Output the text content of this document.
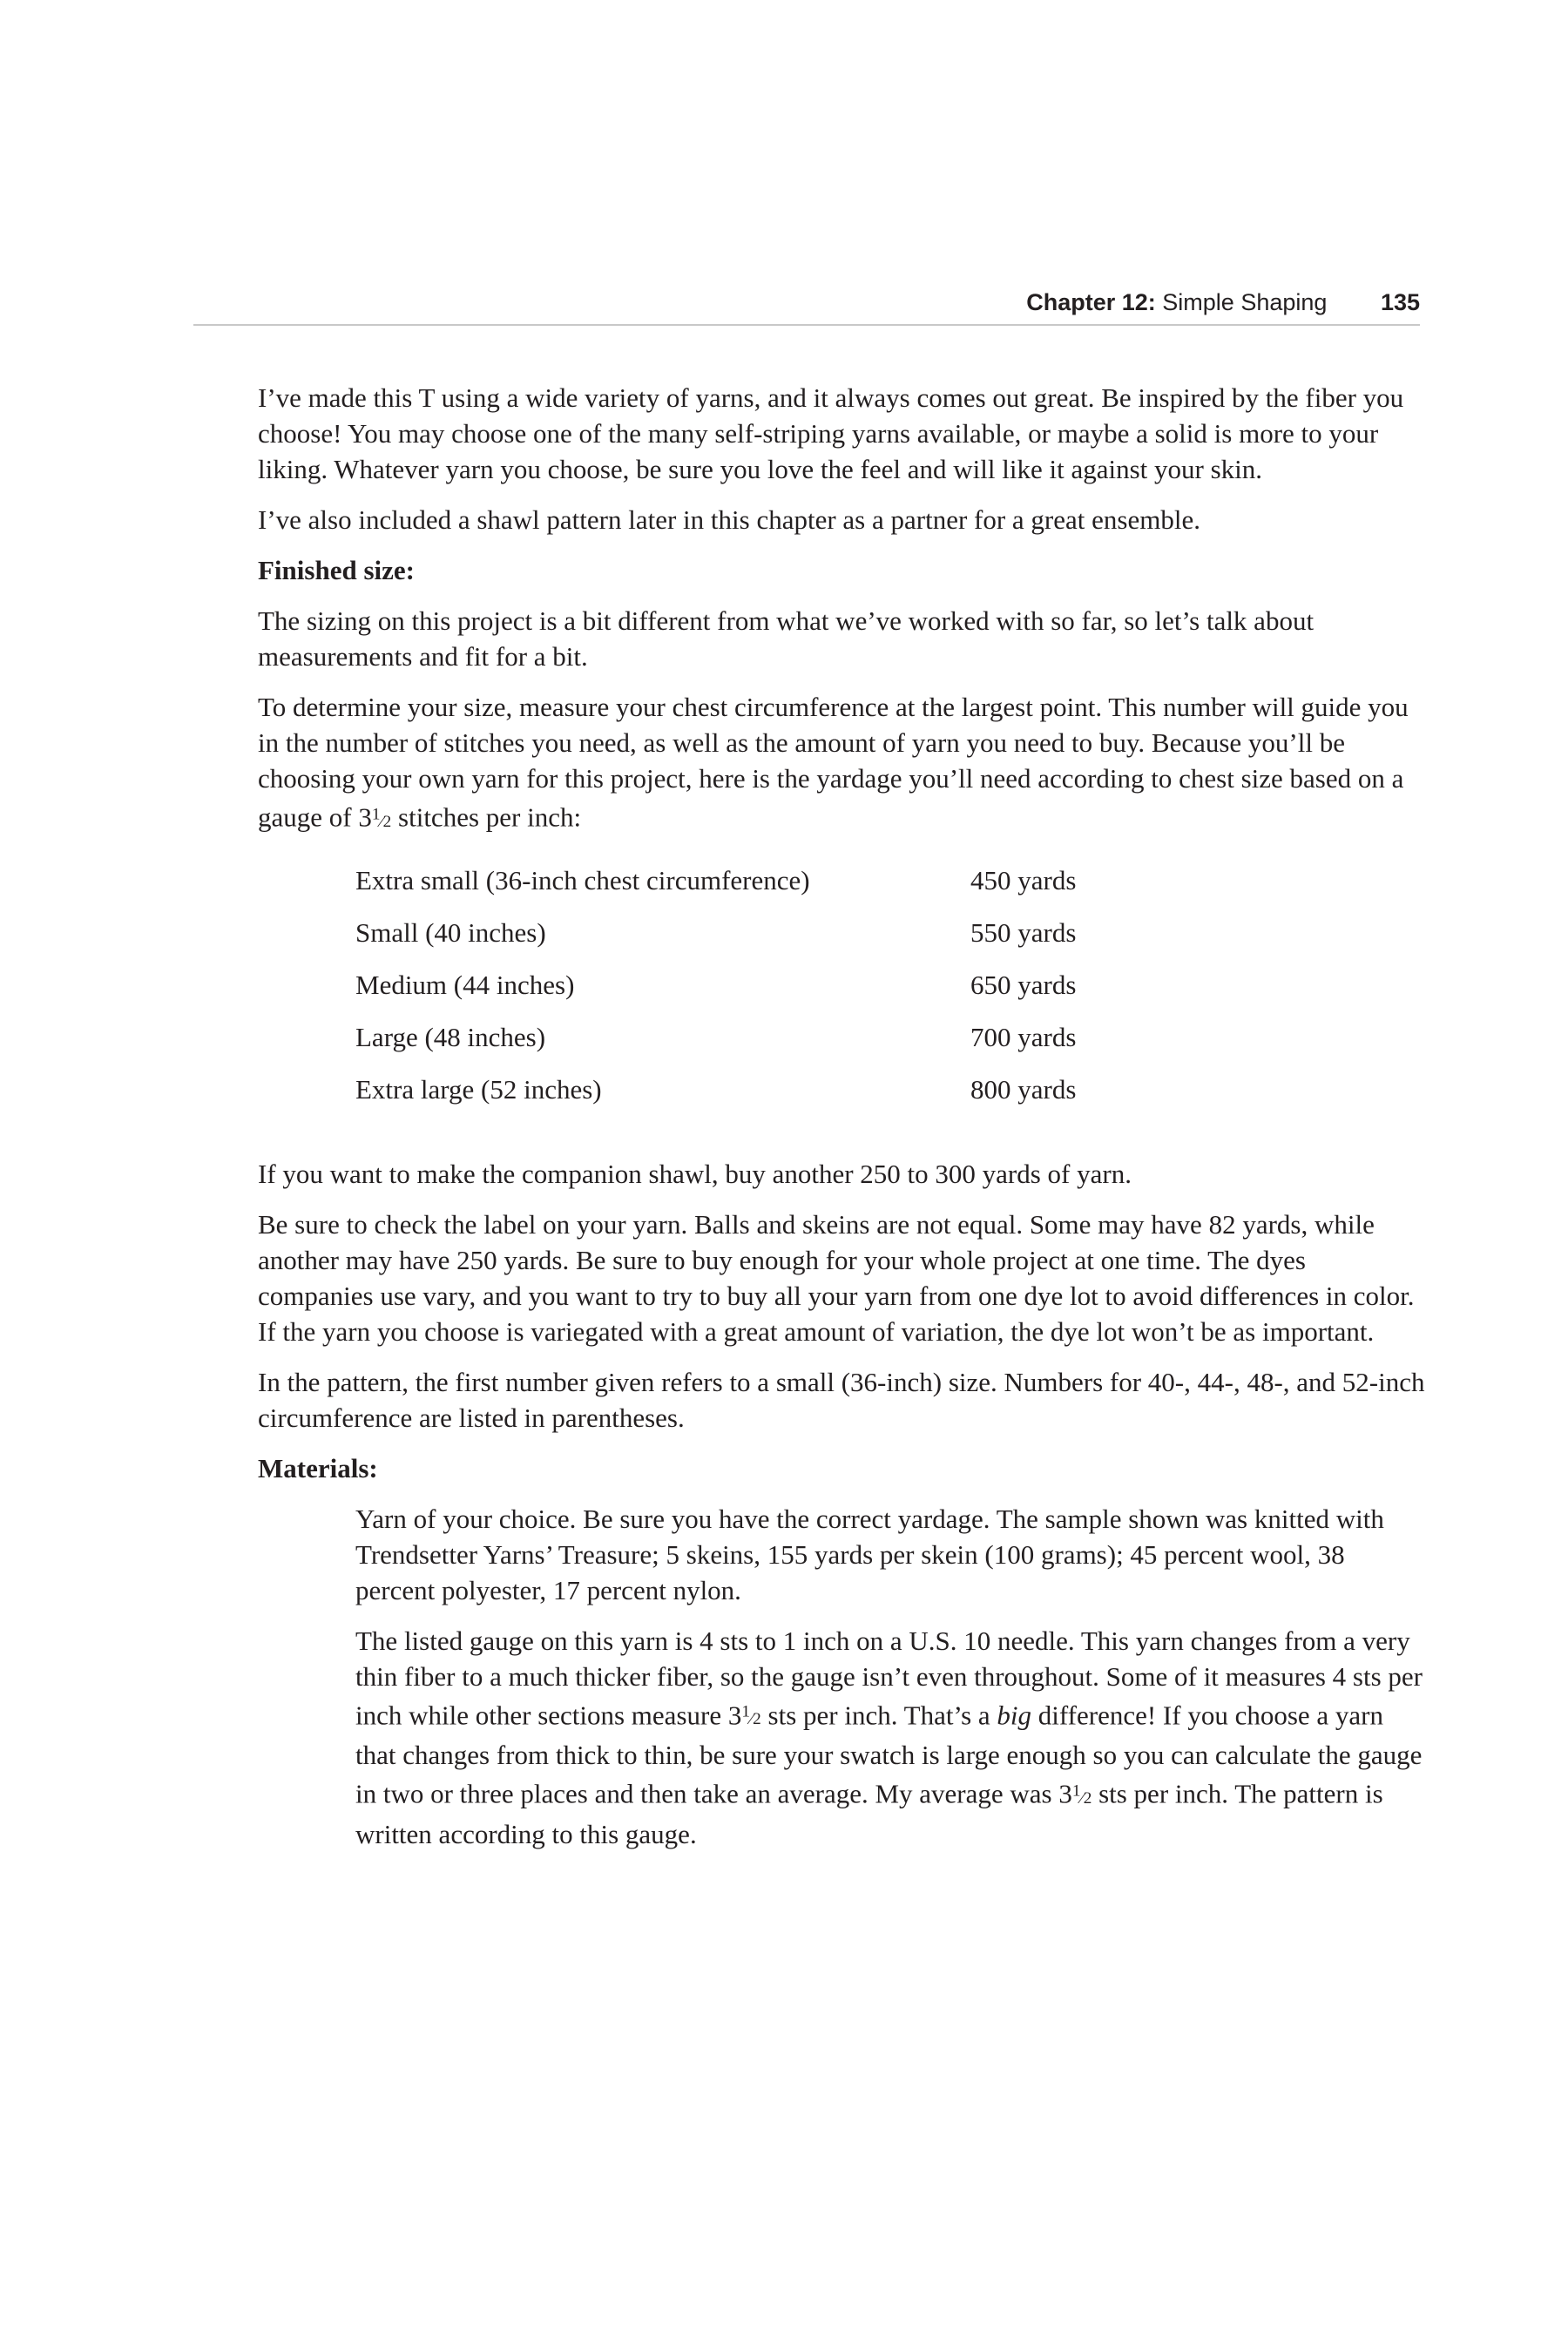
Chapter 12: Simple Shaping 135

I’ve made this T using a wide variety of yarns, and it always comes out great. Be inspired by the fiber you choose! You may choose one of the many self-striping yarns available, or maybe a solid is more to your liking. Whatever yarn you choose, be sure you love the feel and will like it against your skin.

I’ve also included a shawl pattern later in this chapter as a partner for a great ensemble.

Finished size:

The sizing on this project is a bit different from what we’ve worked with so far, so let’s talk about measurements and fit for a bit.

To determine your size, measure your chest circumference at the largest point. This number will guide you in the number of stitches you need, as well as the amount of yarn you need to buy. Because you’ll be choosing your own yarn for this project, here is the yardage you’ll need according to chest size based on a gauge of 31⁄2 stitches per inch:

Extra small (36-inch chest circumference)	450 yards
Small (40 inches)	550 yards
Medium (44 inches)	650 yards
Large (48 inches)	700 yards
Extra large (52 inches)	800 yards

If you want to make the companion shawl, buy another 250 to 300 yards of yarn.

Be sure to check the label on your yarn. Balls and skeins are not equal. Some may have 82 yards, while another may have 250 yards. Be sure to buy enough for your whole project at one time. The dyes companies use vary, and you want to try to buy all your yarn from one dye lot to avoid differences in color. If the yarn you choose is variegated with a great amount of variation, the dye lot won’t be as important.

In the pattern, the first number given refers to a small (36-inch) size. Numbers for 40-, 44-, 48-, and 52-inch circumference are listed in parentheses.

Materials:

Yarn of your choice. Be sure you have the correct yardage. The sample shown was knitted with Trendsetter Yarns’ Treasure; 5 skeins, 155 yards per skein (100 grams); 45 percent wool, 38 percent polyester, 17 percent nylon.

The listed gauge on this yarn is 4 sts to 1 inch on a U.S. 10 needle. This yarn changes from a very thin fiber to a much thicker fiber, so the gauge isn’t even throughout. Some of it measures 4 sts per inch while other sections measure 31⁄2 sts per inch. That’s a big difference! If you choose a yarn that changes from thick to thin, be sure your swatch is large enough so you can calculate the gauge in two or three places and then take an average. My average was 31⁄2 sts per inch. The pattern is written according to this gauge.
